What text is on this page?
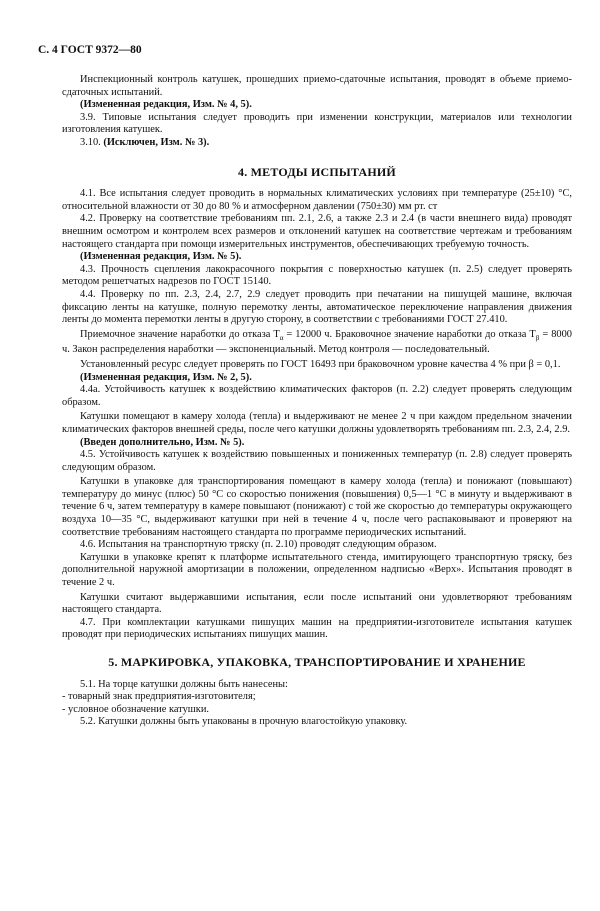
С. 4 ГОСТ 9372—80

Инспекционный контроль катушек, прошедших приемо-сдаточные испытания, проводят в объеме приемо-сдаточных испытаний.

(Измененная редакция, Изм. № 4, 5).

3.9. Типовые испытания следует проводить при изменении конструкции, материалов или технологии изготовления катушек.

3.10. (Исключен, Изм. № 3).

4. МЕТОДЫ ИСПЫТАНИЙ

4.1. Все испытания следует проводить в нормальных климатических условиях при температуре (25±10) °С, относительной влажности от 30 до 80 % и атмосферном давлении (750±30) мм рт. ст

4.2. Проверку на соответствие требованиям пп. 2.1, 2.6, а также 2.3 и 2.4 (в части внешнего вида) проводят внешним осмотром и контролем всех размеров и отклонений катушек на соответствие чертежам и требованиям настоящего стандарта при помощи измерительных инструментов, обеспечивающих требуемую точность.

(Измененная редакция, Изм. № 5).

4.3. Прочность сцепления лакокрасочного покрытия с поверхностью катушек (п. 2.5) следует проверять методом решетчатых надрезов по ГОСТ 15140.

4.4. Проверку по пп. 2.3, 2.4, 2.7, 2.9 следует проводить при печатании на пишущей машине, включая фиксацию ленты на катушке, полную перемотку ленты, автоматическое переключение направления движения ленты до момента перемотки ленты в другую сторону, в соответствии с требованиями ГОСТ 27.410.

Приемочное значение наработки до отказа $T_\alpha = 12000$ ч. Браковочное значение наработки до отказа $T_\beta = 8000$ ч. Закон распределения наработки — экспоненциальный. Метод контроля — последовательный.

Установленный ресурс следует проверять по ГОСТ 16493 при браковочном уровне качества 4 % при β = 0,1.

(Измененная редакция, Изм. № 2, 5).

4.4а. Устойчивость катушек к воздействию климатических факторов (п. 2.2) следует проверять следующим образом.

Катушки помещают в камеру холода (тепла) и выдерживают не менее 2 ч при каждом предельном значении климатических факторов внешней среды, после чего катушки должны удовлетворять требованиям пп. 2.3, 2.4, 2.9.

(Введен дополнительно, Изм. № 5).

4.5. Устойчивость катушек к воздействию повышенных и пониженных температур (п. 2.8) следует проверять следующим образом.

Катушки в упаковке для транспортирования помещают в камеру холода (тепла) и понижают (повышают) температуру до минус (плюс) 50 °С со скоростью понижения (повышения) 0,5—1 °С в минуту и выдерживают в течение 6 ч, затем температуру в камере повышают (понижают) с той же скоростью до температуры окружающего воздуха 10—35 °С, выдерживают катушки при ней в течение 4 ч, после чего распаковывают и проверяют на соответствие требованиям настоящего стандарта по программе периодических испытаний.

4.6. Испытания на транспортную тряску (п. 2.10) проводят следующим образом.

Катушки в упаковке крепят к платформе испытательного стенда, имитирующего транспортную тряску, без дополнительной наружной амортизации в положении, определенном надписью «Верх». Испытания проводят в течение 2 ч.

Катушки считают выдержавшими испытания, если после испытаний они удовлетворяют требованиям настоящего стандарта.

4.7. При комплектации катушками пишущих машин на предприятии-изготовителе испытания катушек проводят при периодических испытаниях пишущих машин.

5. МАРКИРОВКА, УПАКОВКА, ТРАНСПОРТИРОВАНИЕ И ХРАНЕНИЕ

5.1. На торце катушки должны быть нанесены:

- товарный знак предприятия-изготовителя;

- условное обозначение катушки.

5.2. Катушки должны быть упакованы в прочную влагостойкую упаковку.
